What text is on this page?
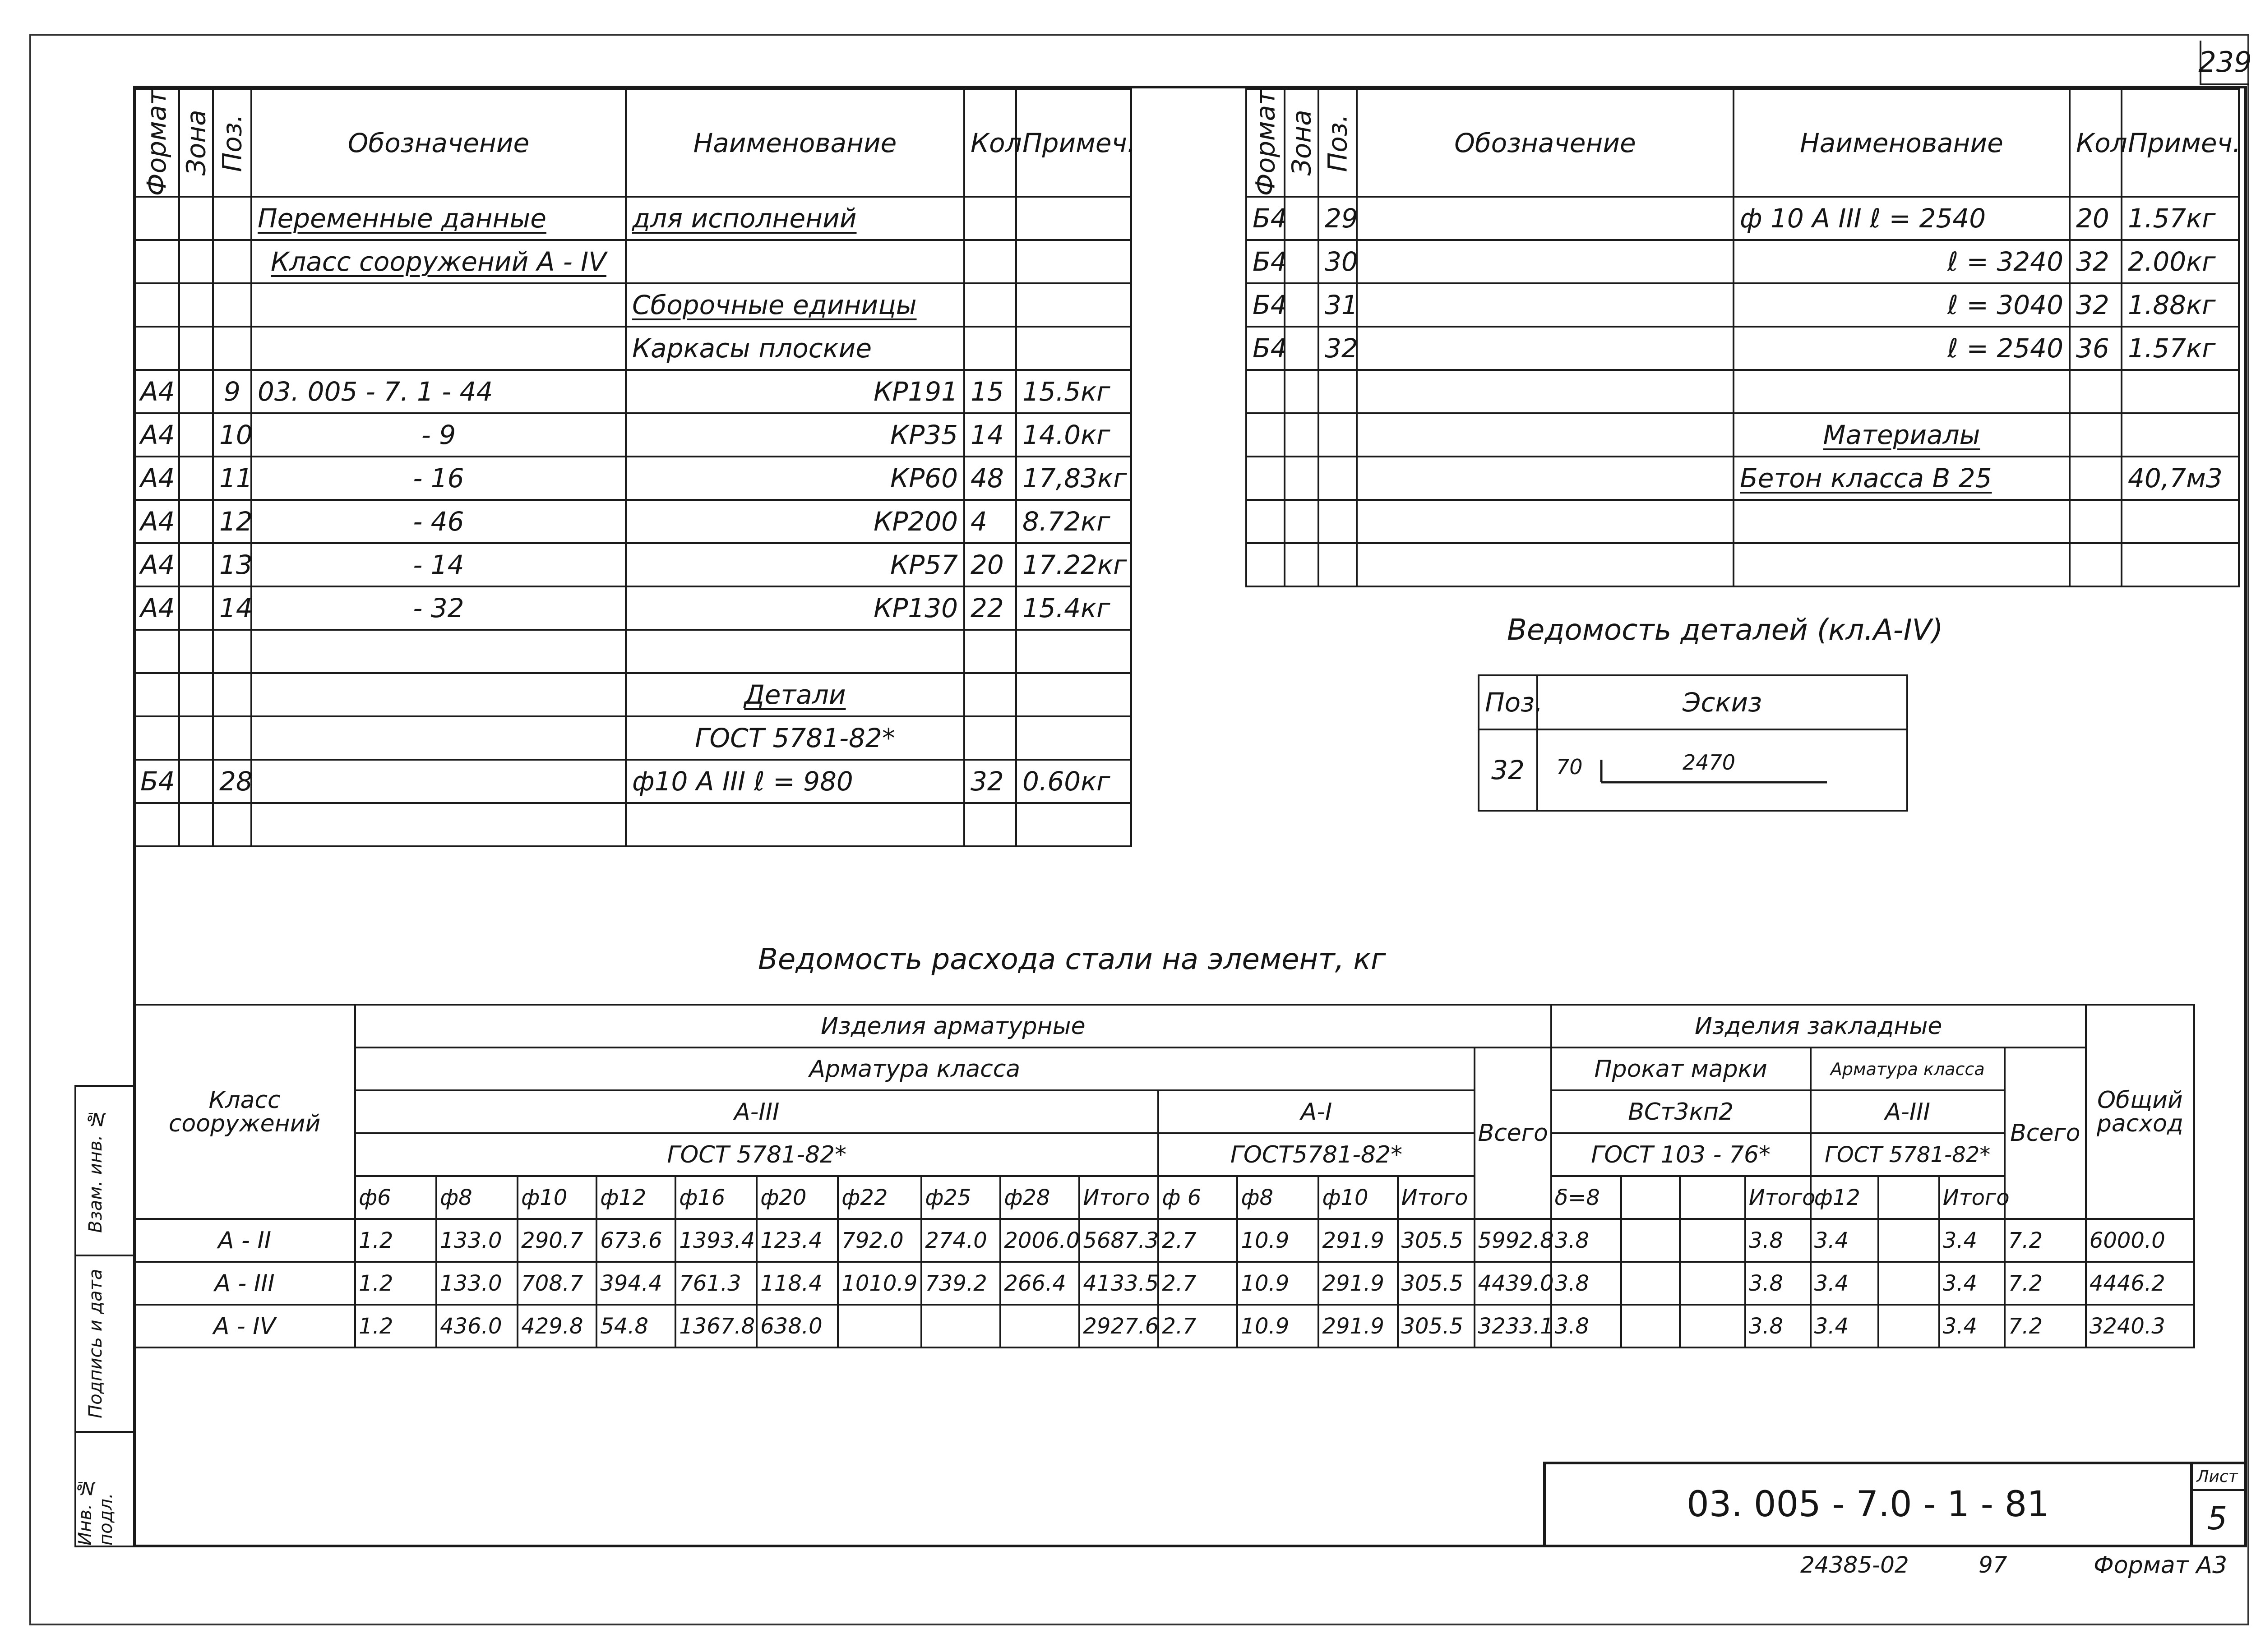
239
Формат	Зона	Поз.	Обозначение	Наименование	Кол.	Примеч.
			Переменные данные	для исполнений		
			Класс сооружений А - IV			
				Сборочные единицы		
				Каркасы плоские		
А4		9	03. 005 - 7. 1 - 44	КР191	15	15.5кг
А4		10	- 9	КР35	14	14.0кг
А4		11	- 16	КР60	48	17,83кг
А4		12	- 46	КР200	4	8.72кг
А4		13	- 14	КР57	20	17.22кг
А4		14	- 32	КР130	22	15.4кг

				Детали		
				ГОСТ 5781-82*		
Б4		28		ф10 А III ℓ = 980	32	0.60кг

Формат	Зона	Поз.	Обозначение	Наименование	Кол.	Примеч.
Б4		29		ф 10 А III ℓ = 2540	20	1.57кг
Б4		30		ℓ = 3240	32	2.00кг
Б4		31		ℓ = 3040	32	1.88кг
Б4		32		ℓ = 2540	36	1.57кг

				Материалы		
				Бетон класса В 25		40,7м3

Ведомость деталей (кл.А-IV)
Поз.	Эскиз
32	70 2470
Ведомость расхода стали на элемент, кг
Класс сооружений	Изделия арматурные															Изделия закладные								Общий расход
	Арматура класса														Всего	Прокат марки				Арматура класса			Всего	
	А-III										А-I					ВСт3кп2				А-III				
	ГОСТ 5781-82*										ГОСТ5781-82*					ГОСТ 103 - 76*				ГОСТ 5781-82*				
	ф6	ф8	ф10	ф12	ф16	ф20	ф22	ф25	ф28	Итого	ф 6	ф8	ф10	Итого		δ=8			Итого	ф12		Итого		
А - II	1.2	133.0	290.7	673.6	1393.4	123.4	792.0	274.0	2006.0	5687.3	2.7	10.9	291.9	305.5	5992.8	3.8			3.8	3.4		3.4	7.2	6000.0
А - III	1.2	133.0	708.7	394.4	761.3	118.4	1010.9	739.2	266.4	4133.5	2.7	10.9	291.9	305.5	4439.0	3.8			3.8	3.4		3.4	7.2	4446.2
А - IV	1.2	436.0	429.8	54.8	1367.8	638.0				2927.6	2.7	10.9	291.9	305.5	3233.1	3.8			3.8	3.4		3.4	7.2	3240.3
Взам. инв. №
Подпись и дата
Инв. № подл.	03. 005 - 7.0 - 1 - 81
Лист
5
24385-02	97	Формат А3
